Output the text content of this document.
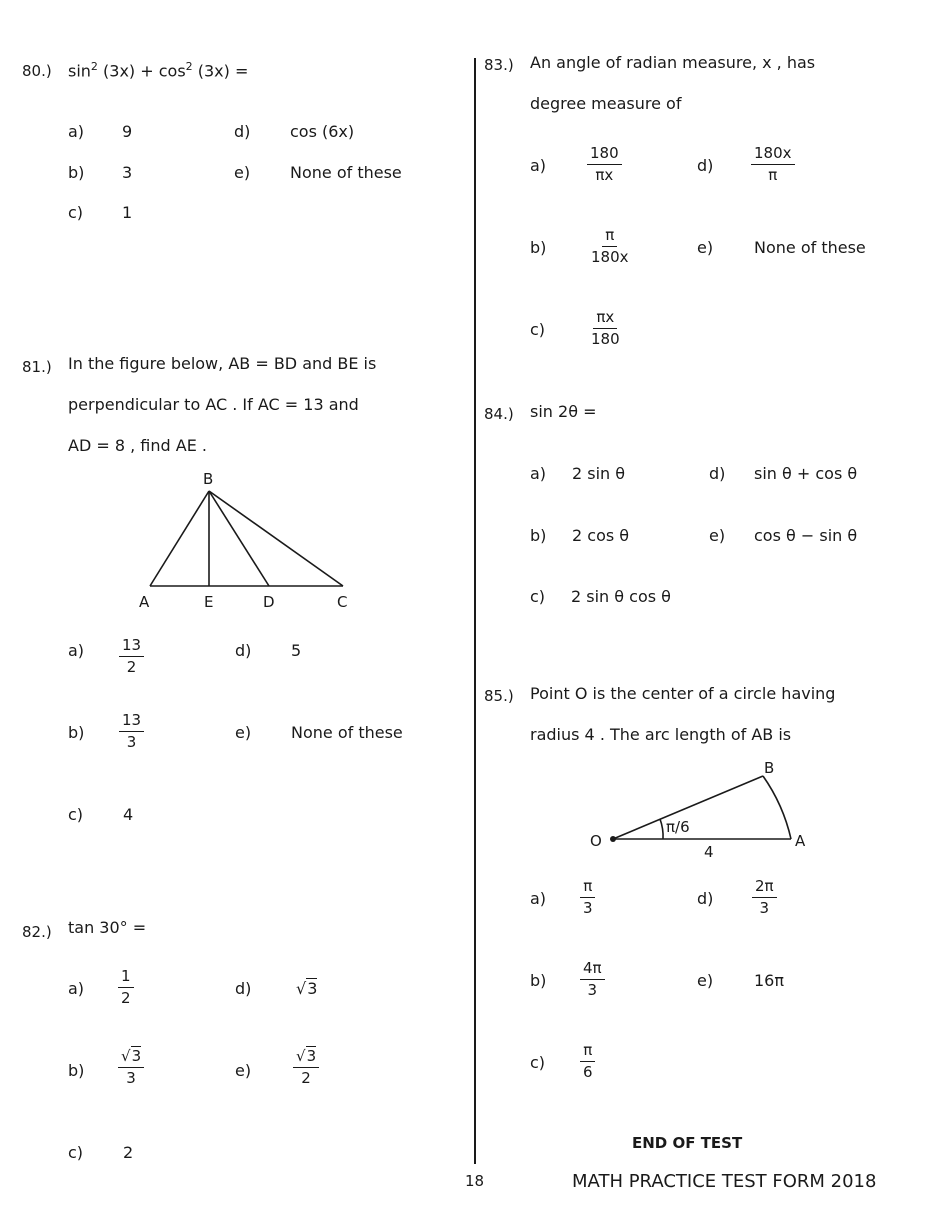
80.) $\sin^2 (3x) + \cos^2 (3x)$ =
a) 9
b) 3
c) 1
d) cos (6x)
e) None of these
81.) In the figure below, AB = BD and BE is
perpendicular to AC . If AC = 13 and
AD = 8 , find AE .
B
A	E	D	C
$a) \frac{13}{2}$
$b) \frac{13}{3}$
c) 4
d) 5
e) None of these
82.) tan 30° =
$a) \frac{1}{2}$
$b) \frac{√3}{3}$
c) 2
d)	√3
e)	$\frac{√3}{2}$
83.) An angle of radian measure, x , has
degree measure of
a)	$\frac{180}{\pi x}$
b)	$\frac{\pi}{180x}$
c)	$\frac{\pi x}{180}$
d)	$\frac{180x}{\pi}$
e)	None of these
84.) sin 2θ =
a) 2 sin θ
b) 2 cos θ
c) 2 sin θ cos θ
d) sin θ + cos θ
e) cos θ − sin θ
85.) Point O is the center of a circle having
radius 4 . The arc length of AB is
O	A
B
π/6
4
$a) \frac{\pi}{3}$
$b) \frac{4\pi}{3}$
$c) \frac{\pi}{6}$
d)	$\frac{2\pi}{3}$
e)	16π
END OF TEST
18	MATH PRACTICE TEST FORM 2018
